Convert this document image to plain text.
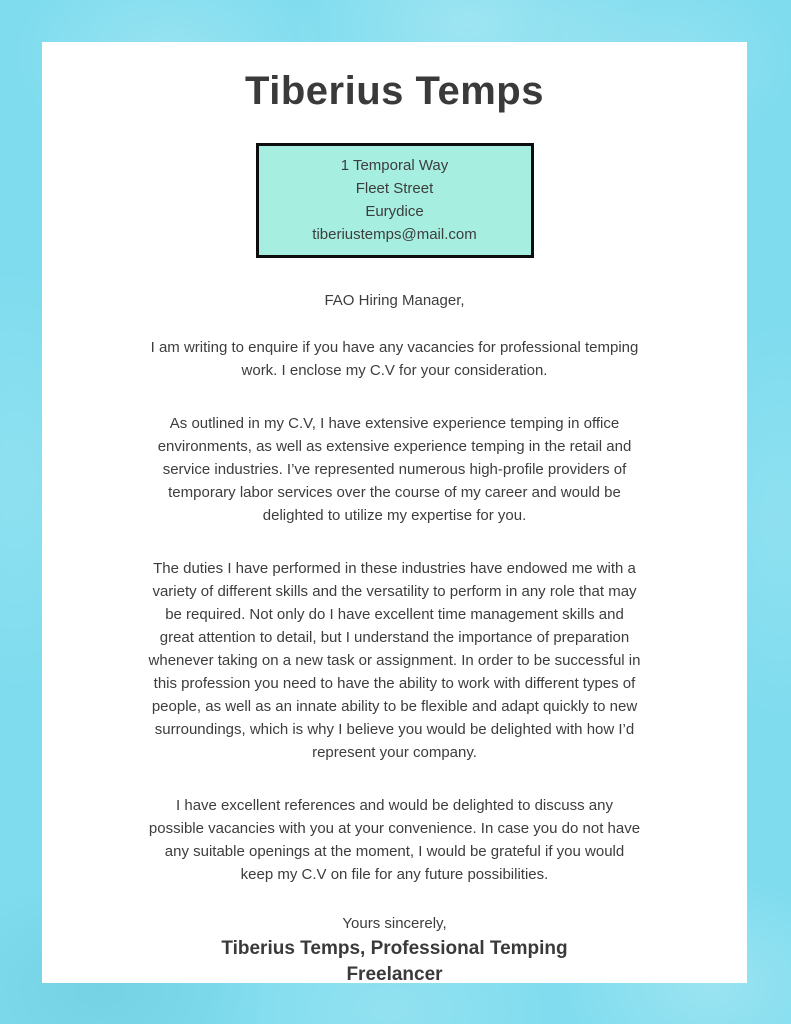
Tiberius Temps
1 Temporal Way
Fleet Street
Eurydice
tiberiustemps@mail.com
FAO Hiring Manager,

I am writing to enquire if you have any vacancies for professional temping work. I enclose my C.V for your consideration.

As outlined in my C.V, I have extensive experience temping in office environments, as well as extensive experience temping in the retail and service industries. I’ve represented numerous high-profile providers of temporary labor services over the course of my career and would be delighted to utilize my expertise for you.

The duties I have performed in these industries have endowed me with a variety of different skills and the versatility to perform in any role that may be required. Not only do I have excellent time management skills and great attention to detail, but I understand the importance of preparation whenever taking on a new task or assignment. In order to be successful in this profession you need to have the ability to work with different types of people, as well as an innate ability to be flexible and adapt quickly to new surroundings, which is why I believe you would be delighted with how I’d represent your company.

I have excellent references and would be delighted to discuss any possible vacancies with you at your convenience. In case you do not have any suitable openings at the moment, I would be grateful if you would keep my C.V on file for any future possibilities.

Yours sincerely,
Tiberius Temps, Professional Temping Freelancer
